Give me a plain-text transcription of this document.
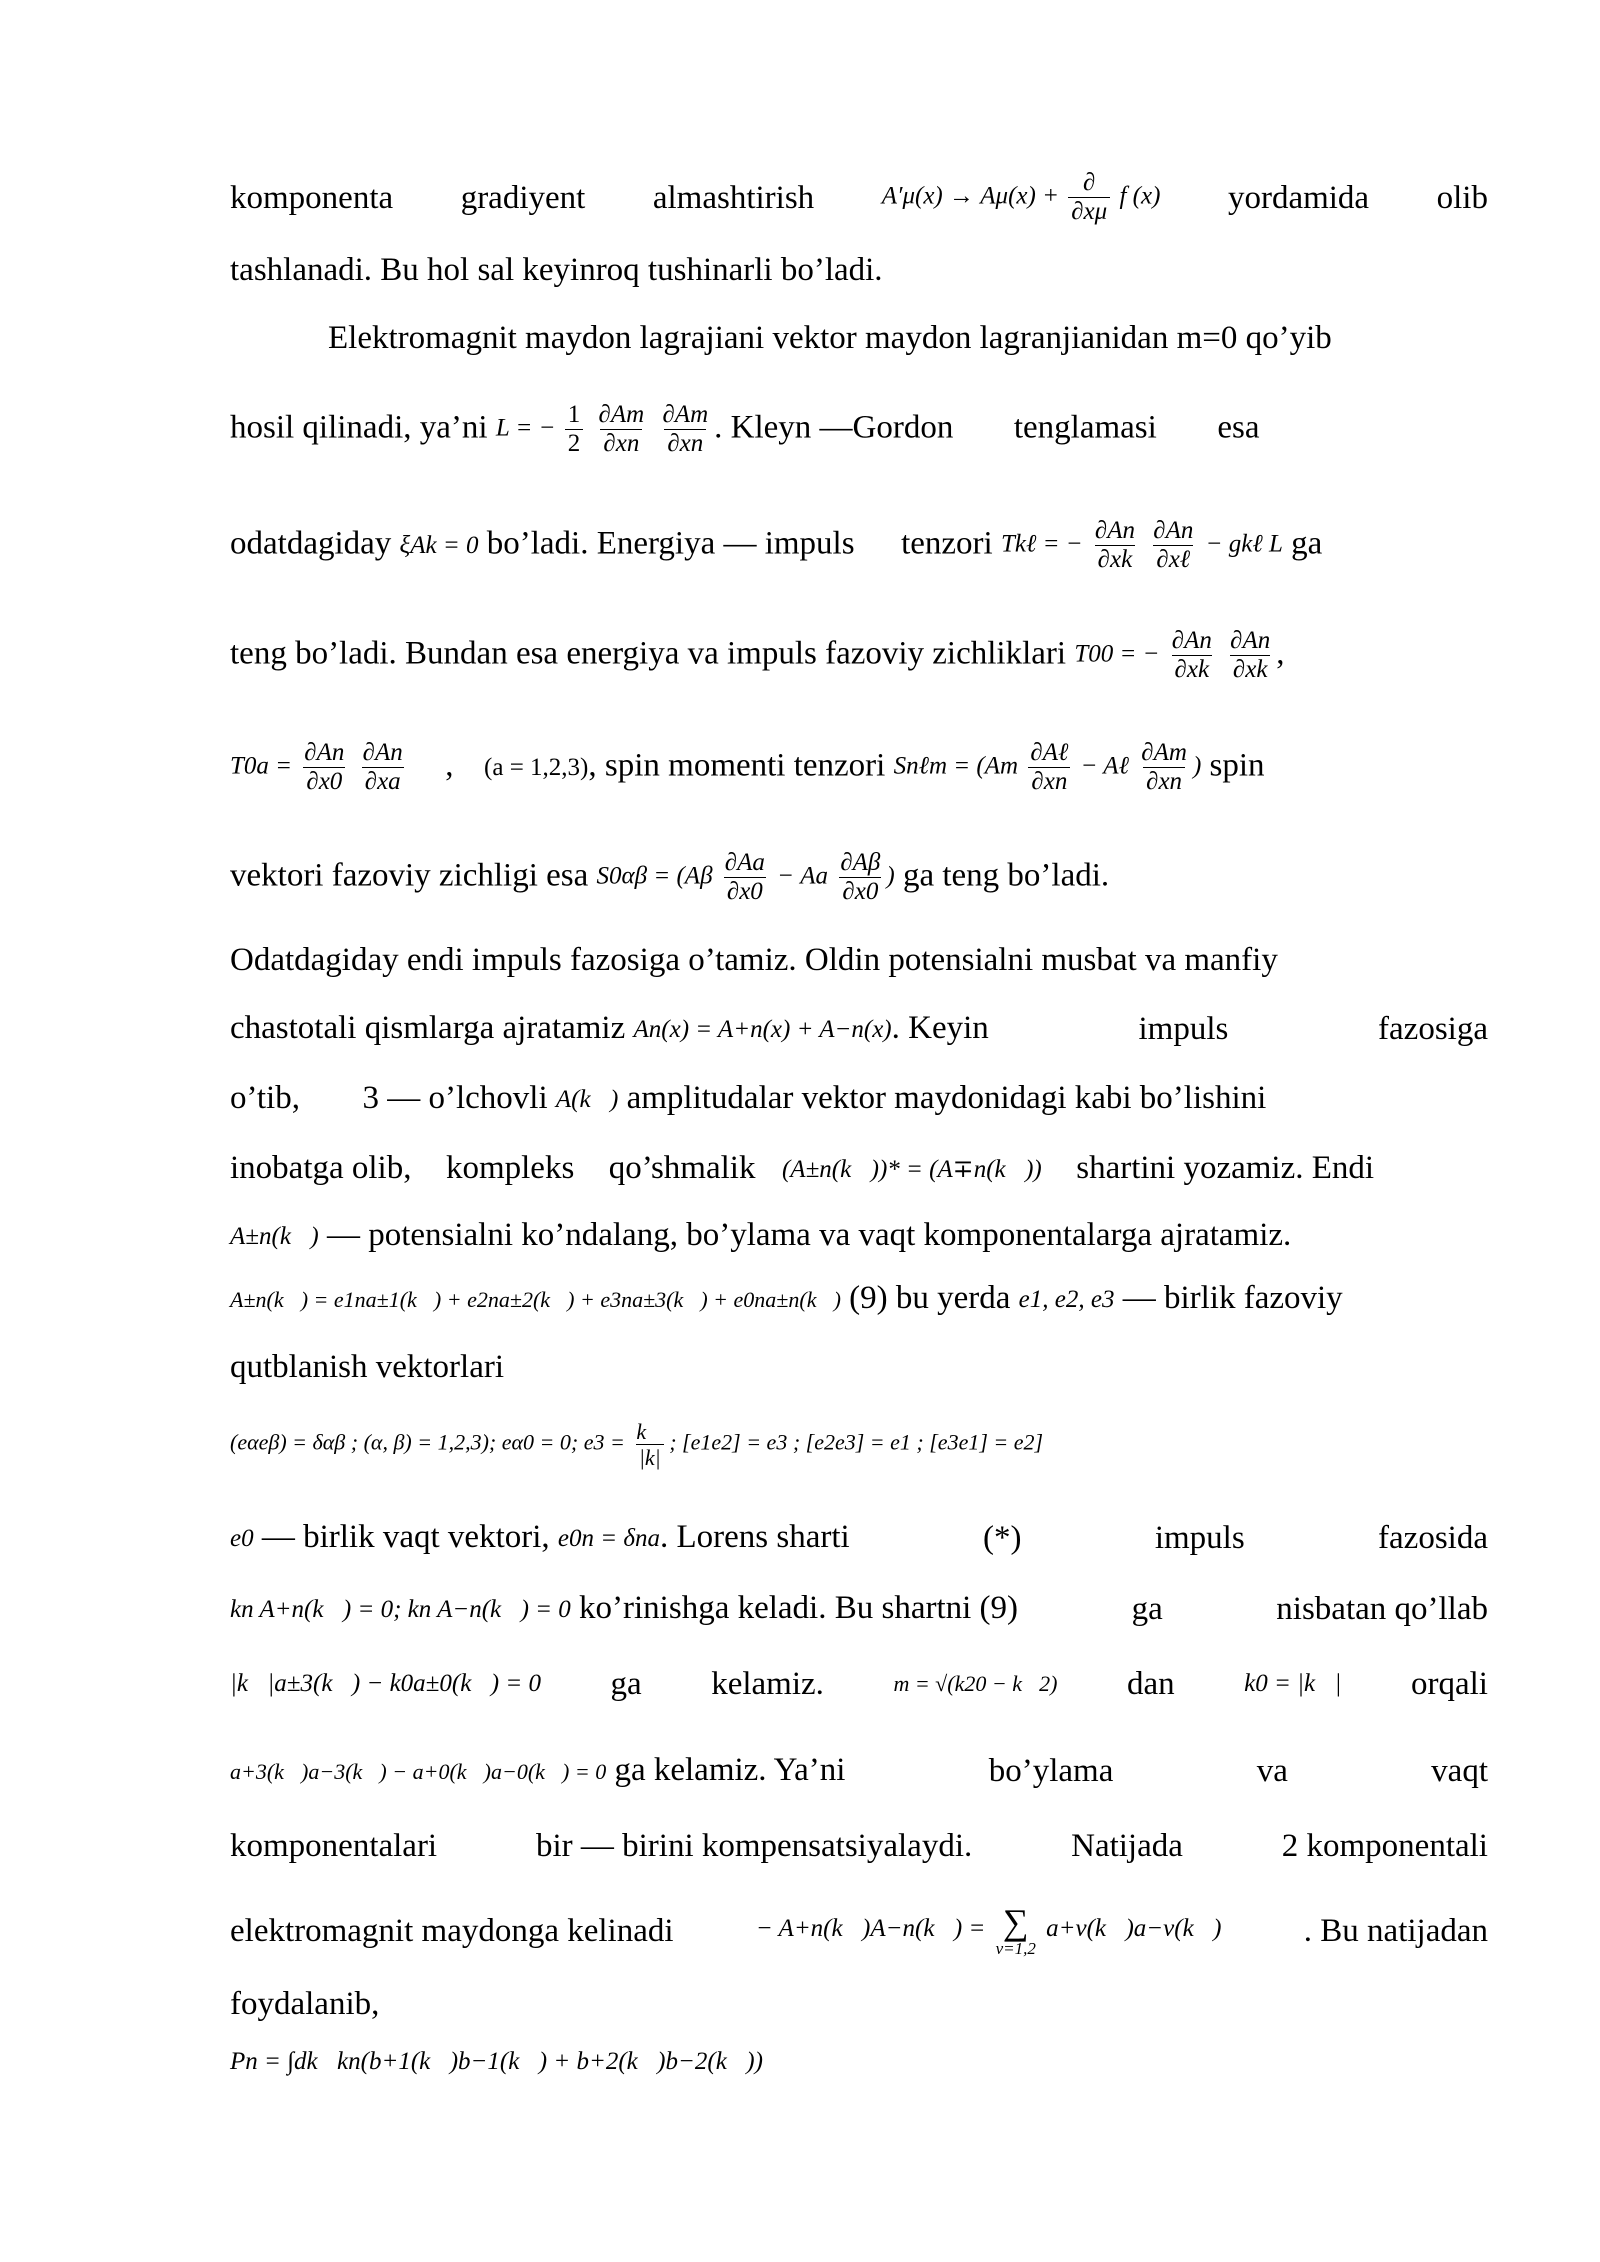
komponenta gradiyent almashtirish	A′μ(x) → Aμ(x) + ∂
∂xμ
f (x) yordamida olib
tashlanadi. Bu hol sal keyinroq tushinarli bo’ladi.
Elektromagnit maydon lagrajiani vektor maydon lagranjianidan m=0 qo’yib
hosil qilinadi, ya’ni L = − $\frac{1}{2}$
$\frac{\partial Am}{\partial xn}$
$\frac{\partial Am}{\partial xn}$ . Kleyn —Gordon tenglamasi esa
odatdagiday ξAk = 0 bo’ladi. Energiya — impuls tenzori Tkℓ = − $\frac{\partial An}{\partial xk}$
∂An
∂xℓ
− gkℓ L ga
teng bo’ladi. Bundan esa energiya va impuls fazoviy zichliklari T00 = − $\frac{\partial An}{\partial xk}$
$\frac{\partial An}{\partial xk}$ ,
$T0a = \frac{\partial An}{\partial x0}$
$\frac{\partial An}{\partial xa}$ , (a = 1,2,3), spin momenti tenzori Snℓm = (Am ∂Aℓ
∂xn
− Aℓ $\frac{\partial Am}{\partial xn}$ ) spin
vektori fazoviy zichligi esa $S0\alpha\beta = (A\beta \frac{\partial Aa}{\partial x0} - Aa \frac{\partial A\beta}{\partial x0}$ ) ga teng bo’ladi.
Odatdagiday endi impuls fazosiga o’tamiz. Oldin potensialni musbat va manfiy
chastotali qismlarga ajratamiz An(x) = A+n(x) + A−n(x). Keyin	impuls	fazosiga
o’tib, 3 — o’lchovli A(k⃗) amplitudalar vektor maydonidagi kabi bo’lishini
inobatga olib, kompleks qo’shmalik (A±n(k⃗))* = (A∓n(k⃗)) shartini yozamiz. Endi
A±n(k⃗) — potensialni ko’ndalang, bo’ylama va vaqt komponentalarga ajratamiz.
A±n(k⃗) = e1na±1(k⃗) + e2na±2(k⃗) + e3na±3(k⃗) + e0na±n(k⃗) (9) bu yerda e1, e2, e3 — birlik fazoviy
qutblanish vektorlari
(eαeβ) = δαβ ; (α, β) = 1,2,3); eα0 = 0; $e3 = \frac{k⃗}{|k|}$ ; [e1e2] = e3 ; [e2e3] = e1 ; [e3e1] = e2]
e0 — birlik vaqt vektori, e0n = δna. Lorens sharti	(*)	impuls	fazosida
kn A+n(k⃗) = 0; kn A−n(k⃗) = 0 ko’rinishga keladi. Bu shartni (9)	ga	nisbatan qo’llab
|k⃗|a±3(k⃗) − k0a±0(k⃗) = 0 ga kelamiz.	m = √(k20 − k⃗2) dan	k0 = |k⃗| orqali
a+3(k⃗)a−3(k⃗) − a+0(k⃗)a−0(k⃗) = 0 ga kelamiz. Ya’ni	bo’ylama	va	vaqt
komponentalari	bir — birini kompensatsiyalaydi.	Natijada	2 komponentali
elektromagnit maydonga kelinadi	− A+n(k⃗)A−n(k⃗) = ∑
ν=1,2
a+ν(k⃗)a−ν(k⃗) . Bu natijadan
foydalanib,
Pn = ∫dk⃗kn(b+1(k⃗)b−1(k⃗) + b+2(k⃗)b−2(k⃗))
